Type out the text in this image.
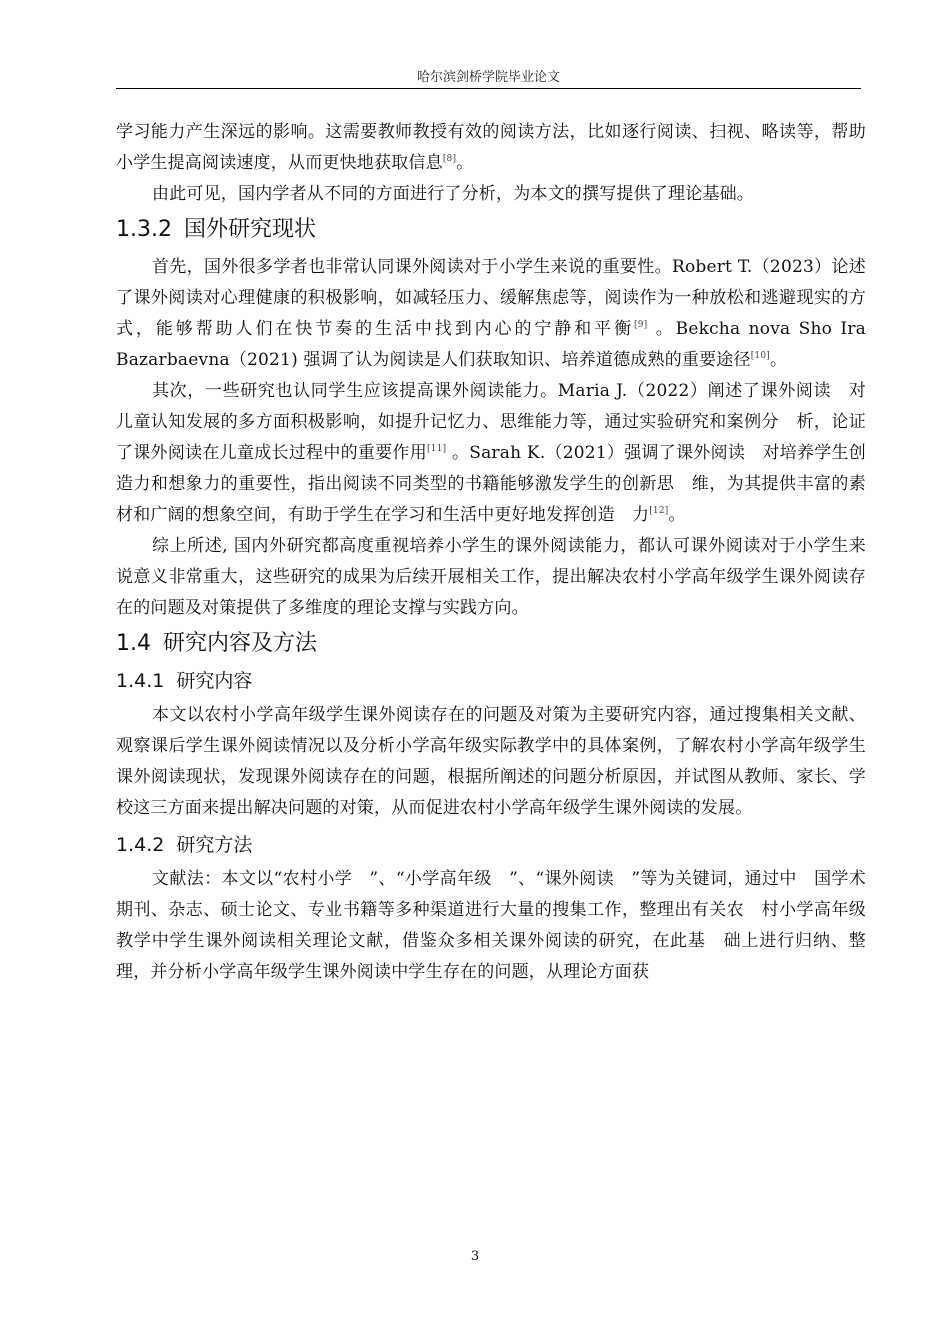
哈尔滨剑桥学院毕业论文

学习能力产生深远的影响。这需要教师教授有效的阅读方法，比如逐行阅读、扫视、略读等，帮助小学生提高阅读速度，从而更快地获取信息[8]。

由此可见，国内学者从不同的方面进行了分析，为本文的撰写提供了理论基础。

1.3.2 国外研究现状

首先，国外很多学者也非常认同课外阅读对于小学生来说的重要性。Robert T.（2023）论述了课外阅读对心理健康的积极影响，如减轻压力、缓解焦虑等，阅读作为一种放松和逃避现实的方式，能够帮助人们在快节奏的生活中找到内心的宁静和平衡[9] 。Bekcha nova Sho Ira Bazarbaevna（2021) 强调了认为阅读是人们获取知识、培养道德成熟的重要途径[10]。

其次，一些研究也认同学生应该提高课外阅读能力。Maria J.（2022）阐述了课外阅读　对儿童认知发展的多方面积极影响，如提升记忆力、思维能力等，通过实验研究和案例分　析，论证了课外阅读在儿童成长过程中的重要作用[11] 。Sarah K.（2021）强调了课外阅读　对培养学生创造力和想象力的重要性，指出阅读不同类型的书籍能够激发学生的创新思　维，为其提供丰富的素材和广阔的想象空间，有助于学生在学习和生活中更好地发挥创造　力[12]。

综上所述, 国内外研究都高度重视培养小学生的课外阅读能力，都认可课外阅读对于小学生来说意义非常重大，这些研究的成果为后续开展相关工作，提出解决农村小学高年级学生课外阅读存在的问题及对策提供了多维度的理论支撑与实践方向。

1.4 研究内容及方法
1.4.1 研究内容

本文以农村小学高年级学生课外阅读存在的问题及对策为主要研究内容，通过搜集相关文献、观察课后学生课外阅读情况以及分析小学高年级实际教学中的具体案例，了解农村小学高年级学生课外阅读现状，发现课外阅读存在的问题，根据所阐述的问题分析原因，并试图从教师、家长、学校这三方面来提出解决问题的对策，从而促进农村小学高年级学生课外阅读的发展。

1.4.2 研究方法

文献法：本文以“农村小学　”、“小学高年级　”、“课外阅读　”等为关键词，通过中　国学术期刊、杂志、硕士论文、专业书籍等多种渠道进行大量的搜集工作，整理出有关农　村小学高年级教学中学生课外阅读相关理论文献，借鉴众多相关课外阅读的研究，在此基　础上进行归纳、整理，并分析小学高年级学生课外阅读中学生存在的问题，从理论方面获

3
